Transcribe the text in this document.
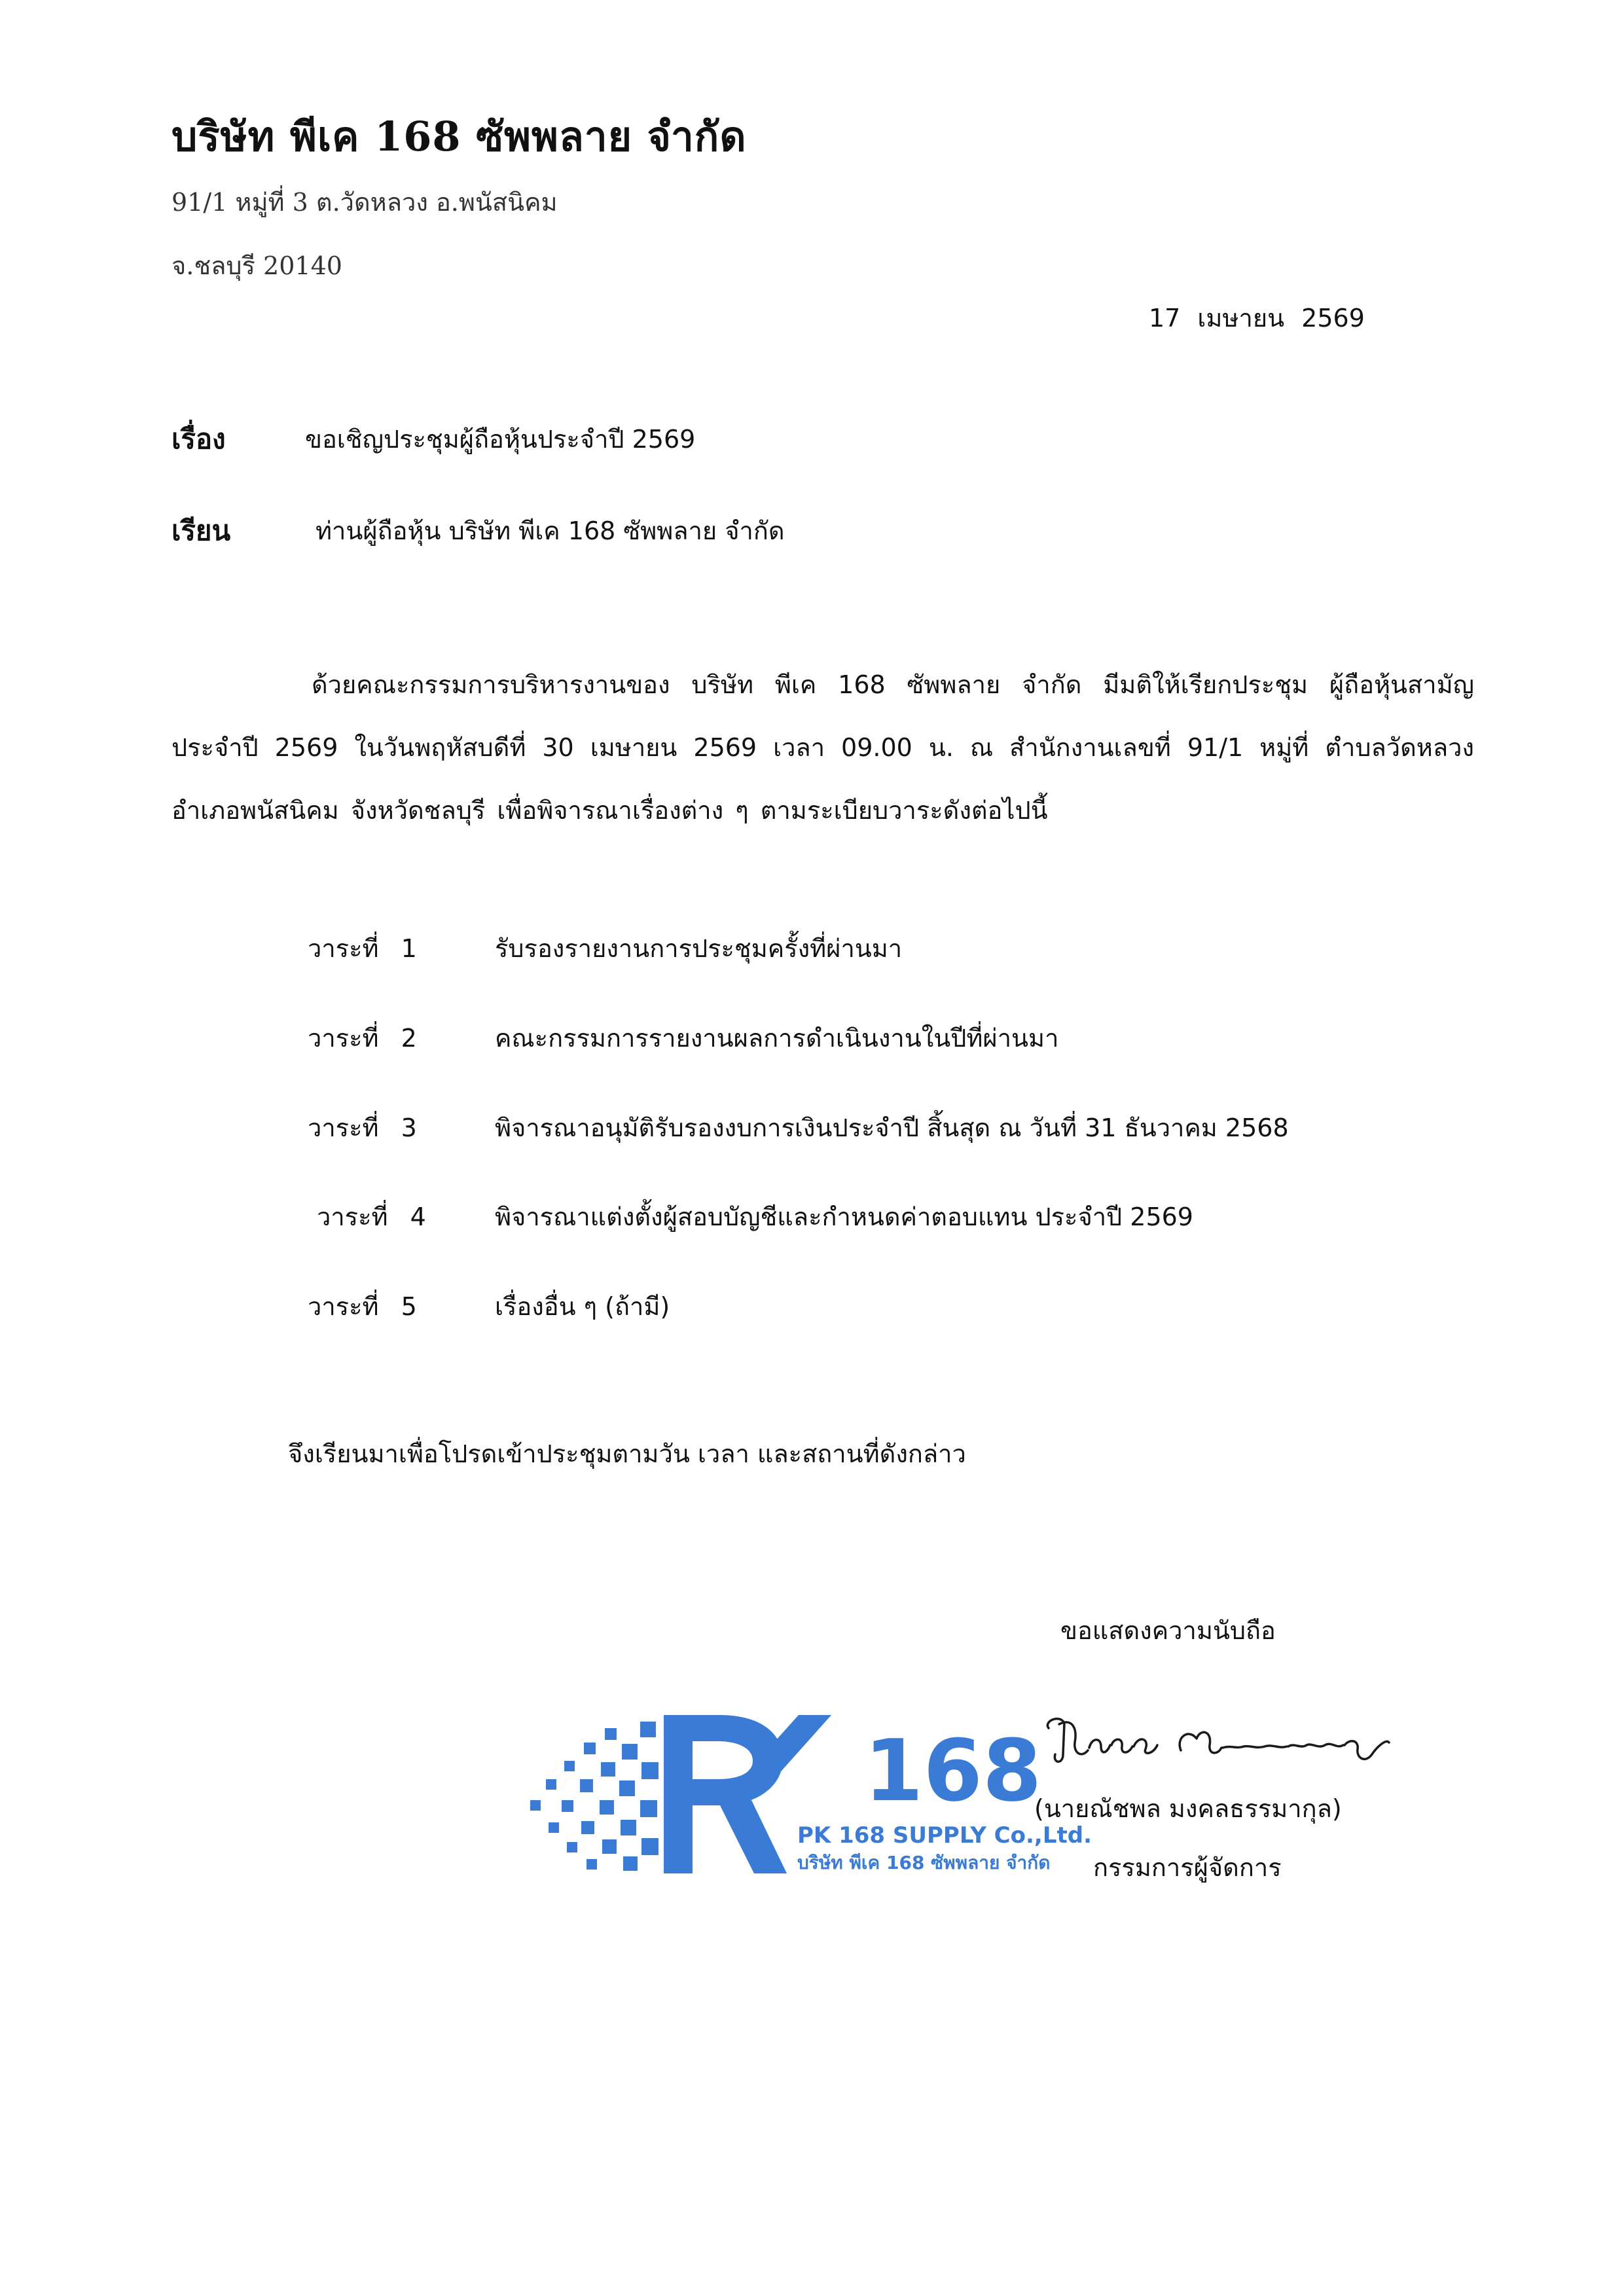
บริษัท พีเค 168 ซัพพลาย จำกัด
91/1 หมู่ที่ 3 ต.วัดหลวง อ.พนัสนิคม
จ.ชลบุรี 20140
17 เมษายน 2569
เรื่อง	ขอเชิญประชุมผู้ถือหุ้นประจำปี 2569
เรียน	ท่านผู้ถือหุ้น บริษัท พีเค 168 ซัพพลาย จำกัด
ด้วยคณะกรรมการบริหารงานของ บริษัท พีเค 168 ซัพพลาย จำกัด มีมติให้เรียกประชุม ผู้ถือหุ้นสามัญประจำปี 2569 ในวันพฤหัสบดีที่ 30 เมษายน 2569 เวลา 09.00 น. ณ สำนักงานเลขที่ 91/1 หมู่ที่ ตำบลวัดหลวง อำเภอพนัสนิคม จังหวัดชลบุรี เพื่อพิจารณาเรื่องต่าง ๆ ตามระเบียบวาระดังต่อไปนี้
วาระที่ 1	รับรองรายงานการประชุมครั้งที่ผ่านมา
วาระที่ 2	คณะกรรมการรายงานผลการดำเนินงานในปีที่ผ่านมา
วาระที่ 3	พิจารณาอนุมัติรับรองงบการเงินประจำปี สิ้นสุด ณ วันที่ 31 ธันวาคม 2568
วาระที่ 4	พิจารณาแต่งตั้งผู้สอบบัญชีและกำหนดค่าตอบแทน ประจำปี 2569
วาระที่ 5	เรื่องอื่น ๆ (ถ้ามี)
จึงเรียนมาเพื่อโปรดเข้าประชุมตามวัน เวลา และสถานที่ดังกล่าว
ขอแสดงความนับถือ
(นายณัชพล มงคลธรรมากุล)
กรรมการผู้จัดการ
168
PK 168 SUPPLY Co.,Ltd.
บริษัท พีเค 168 ซัพพลาย จำกัด
